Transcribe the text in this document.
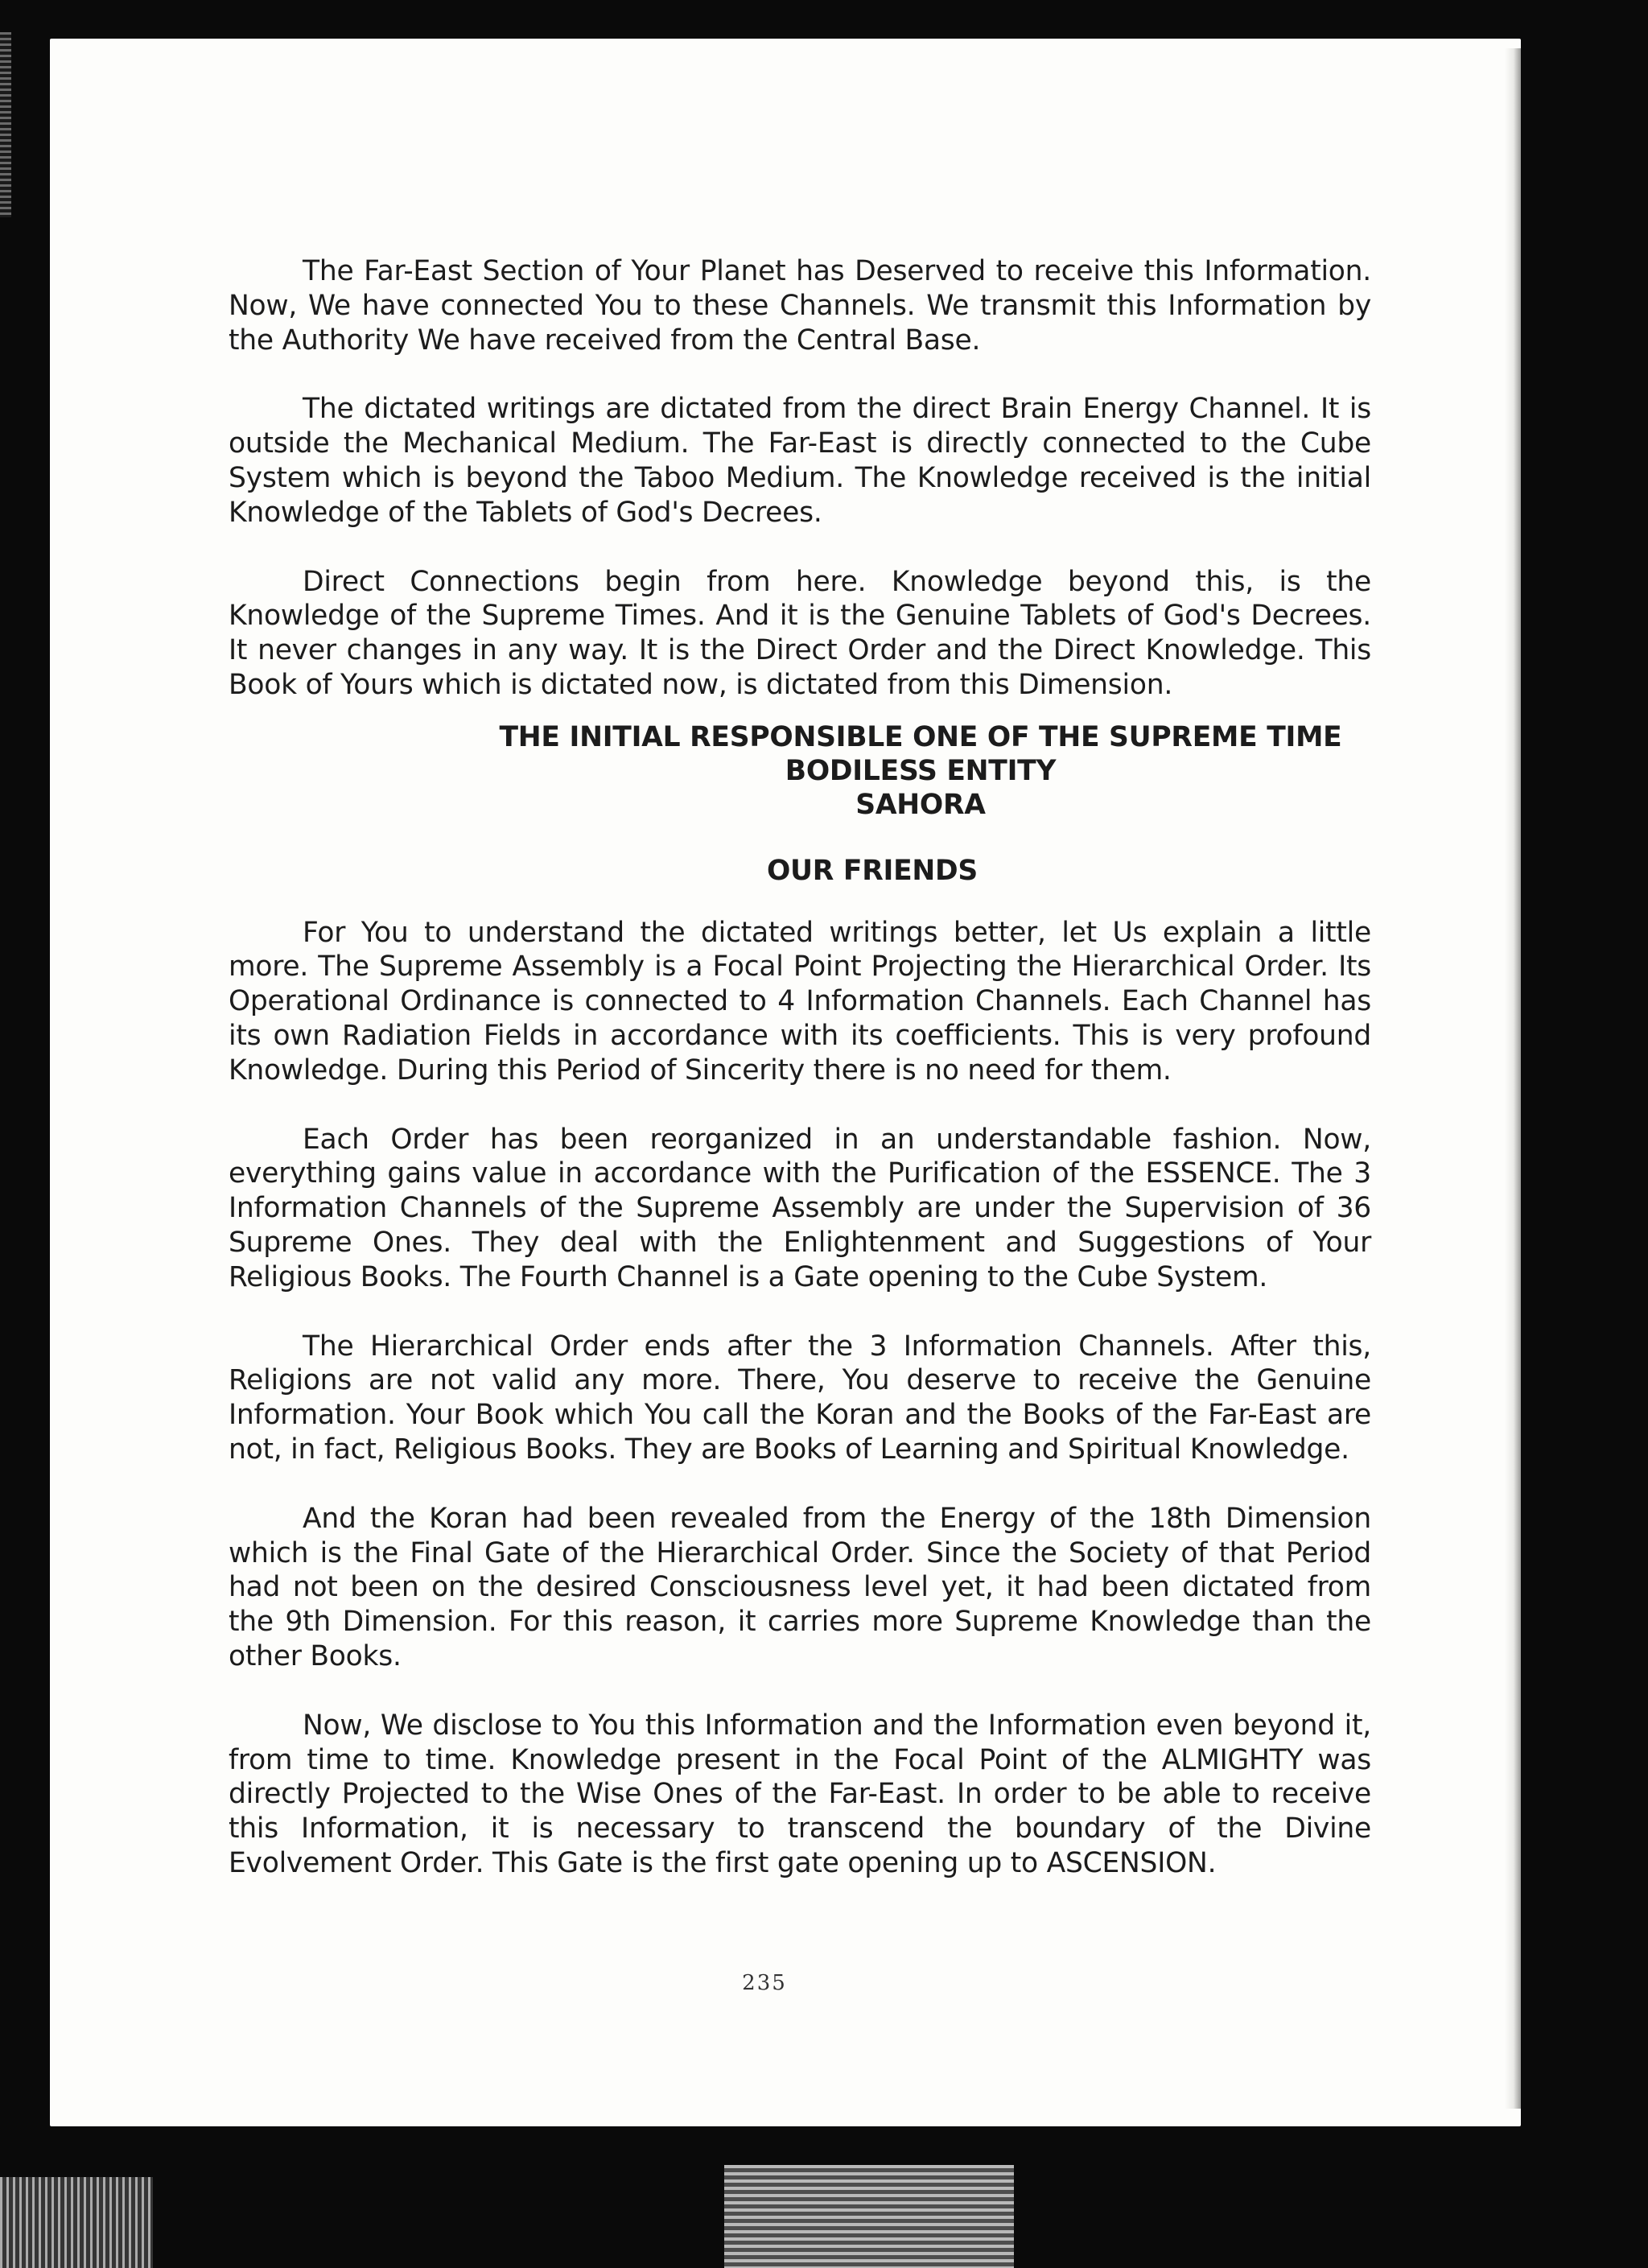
The Far-East Section of Your Planet has Deserved to receive this Information. Now, We have connected You to these Channels. We transmit this Information by the Authority We have received from the Central Base.

The dictated writings are dictated from the direct Brain Energy Channel. It is outside the Mechanical Medium. The Far-East is directly connected to the Cube System which is beyond the Taboo Medium. The Knowledge received is the initial Knowledge of the Tablets of God's Decrees.

Direct Connections begin from here. Knowledge beyond this, is the Knowledge of the Supreme Times. And it is the Genuine Tablets of God's Decrees. It never changes in any way. It is the Direct Order and the Direct Knowledge. This Book of Yours which is dictated now, is dictated from this Dimension.

THE INITIAL RESPONSIBLE ONE OF THE SUPREME TIME
BODILESS ENTITY
SAHORA
OUR FRIENDS

For You to understand the dictated writings better, let Us explain a little more. The Supreme Assembly is a Focal Point Projecting the Hierarchical Order. Its Operational Ordinance is connected to 4 Information Channels. Each Channel has its own Radiation Fields in accordance with its coefficients. This is very profound Knowledge. During this Period of Sincerity there is no need for them.

Each Order has been reorganized in an understandable fashion. Now, everything gains value in accordance with the Purification of the ESSENCE. The 3 Information Channels of the Supreme Assembly are under the Supervision of 36 Supreme Ones. They deal with the Enlightenment and Suggestions of Your Religious Books. The Fourth Channel is a Gate opening to the Cube System.

The Hierarchical Order ends after the 3 Information Channels. After this, Religions are not valid any more. There, You deserve to receive the Genuine Information. Your Book which You call the Koran and the Books of the Far-East are not, in fact, Religious Books. They are Books of Learning and Spiritual Knowledge.

And the Koran had been revealed from the Energy of the 18th Dimension which is the Final Gate of the Hierarchical Order. Since the Society of that Period had not been on the desired Consciousness level yet, it had been dictated from the 9th Dimension. For this reason, it carries more Supreme Knowledge than the other Books.

Now, We disclose to You this Information and the Information even beyond it, from time to time. Knowledge present in the Focal Point of the ALMIGHTY was directly Projected to the Wise Ones of the Far-East. In order to be able to receive this Information, it is necessary to transcend the boundary of the Divine Evolvement Order. This Gate is the first gate opening up to ASCENSION.

235
